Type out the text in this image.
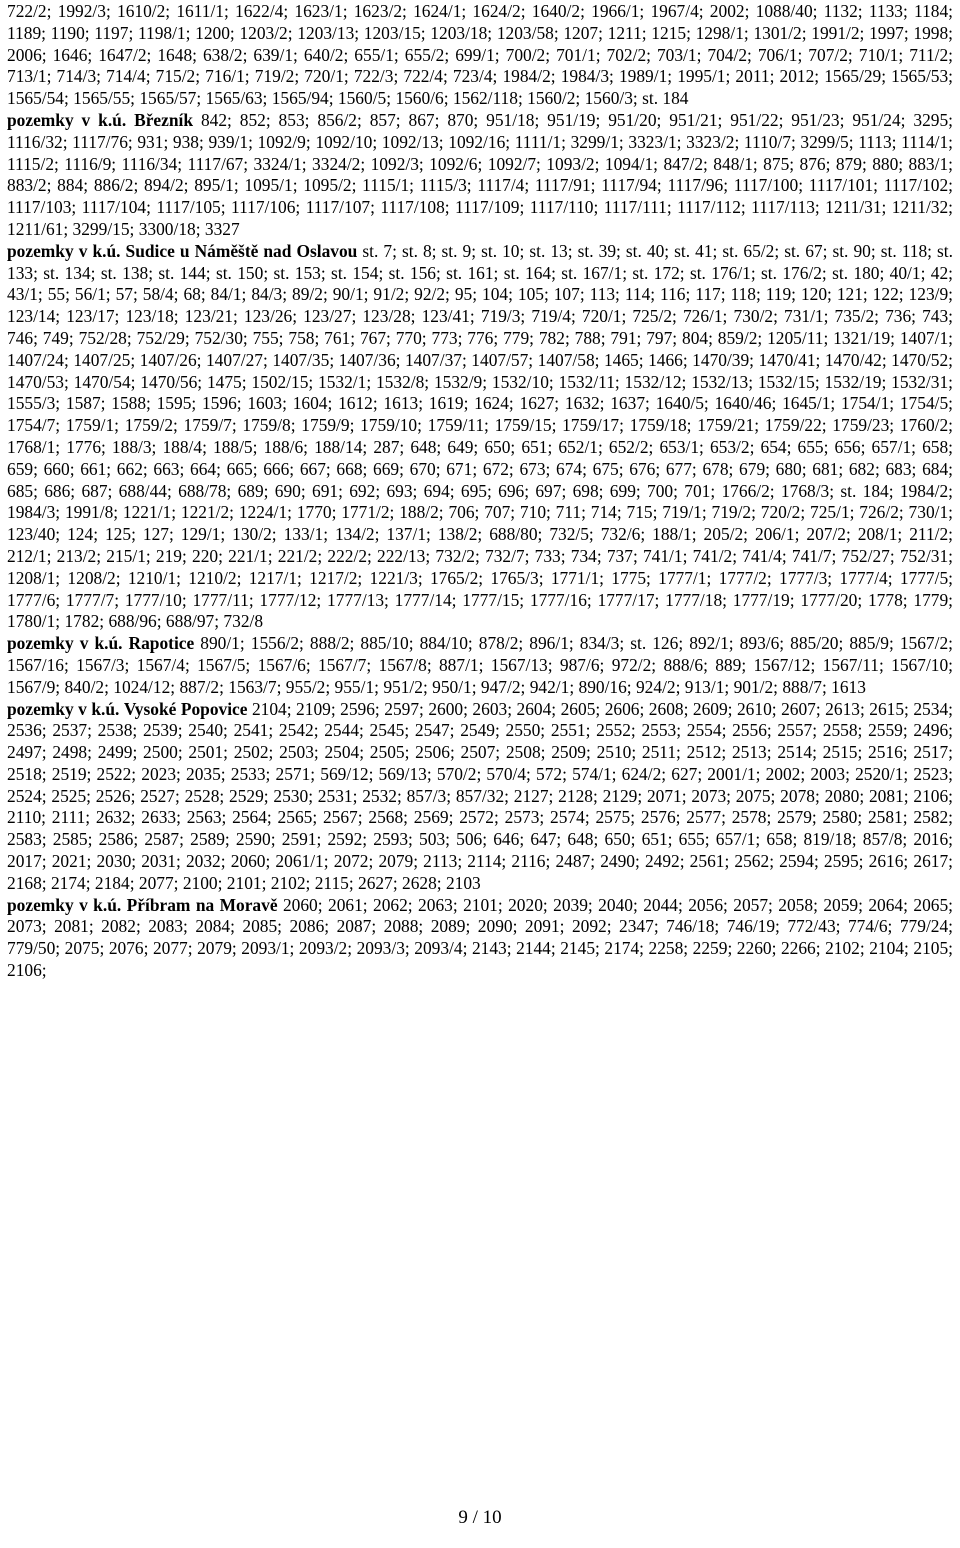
722/2; 1992/3; 1610/2; 1611/1; 1622/4; 1623/1; 1623/2; 1624/1; 1624/2; 1640/2; 1966/1; 1967/4; 2002; 1088/40; 1132; 1133; 1184; 1189; 1190; 1197; 1198/1; 1200; 1203/2; 1203/13; 1203/15; 1203/18; 1203/58; 1207; 1211; 1215; 1298/1; 1301/2; 1991/2; 1997; 1998; 2006; 1646; 1647/2; 1648; 638/2; 639/1; 640/2; 655/1; 655/2; 699/1; 700/2; 701/1; 702/2; 703/1; 704/2; 706/1; 707/2; 710/1; 711/2; 713/1; 714/3; 714/4; 715/2; 716/1; 719/2; 720/1; 722/3; 722/4; 723/4; 1984/2; 1984/3; 1989/1; 1995/1; 2011; 2012; 1565/29; 1565/53; 1565/54; 1565/55; 1565/57; 1565/63; 1565/94; 1560/5; 1560/6; 1562/118; 1560/2; 1560/3; st. 184

pozemky v k.ú. Březník 842; 852; 853; 856/2; 857; 867; 870; 951/18; 951/19; 951/20; 951/21; 951/22; 951/23; 951/24; 3295; 1116/32; 1117/76; 931; 938; 939/1; 1092/9; 1092/10; 1092/13; 1092/16; 1111/1; 3299/1; 3323/1; 3323/2; 1110/7; 3299/5; 1113; 1114/1; 1115/2; 1116/9; 1116/34; 1117/67; 3324/1; 3324/2; 1092/3; 1092/6; 1092/7; 1093/2; 1094/1; 847/2; 848/1; 875; 876; 879; 880; 883/1; 883/2; 884; 886/2; 894/2; 895/1; 1095/1; 1095/2; 1115/1; 1115/3; 1117/4; 1117/91; 1117/94; 1117/96; 1117/100; 1117/101; 1117/102; 1117/103; 1117/104; 1117/105; 1117/106; 1117/107; 1117/108; 1117/109; 1117/110; 1117/111; 1117/112; 1117/113; 1211/31; 1211/32; 1211/61; 3299/15; 3300/18; 3327

pozemky v k.ú. Sudice u Náměště nad Oslavou st. 7; st. 8; st. 9; st. 10; st. 13; st. 39; st. 40; st. 41; st. 65/2; st. 67; st. 90; st. 118; st. 133; st. 134; st. 138; st. 144; st. 150; st. 153; st. 154; st. 156; st. 161; st. 164; st. 167/1; st. 172; st. 176/1; st. 176/2; st. 180; 40/1; 42; 43/1; 55; 56/1; 57; 58/4; 68; 84/1; 84/3; 89/2; 90/1; 91/2; 92/2; 95; 104; 105; 107; 113; 114; 116; 117; 118; 119; 120; 121; 122; 123/9; 123/14; 123/17; 123/18; 123/21; 123/26; 123/27; 123/28; 123/41; 719/3; 719/4; 720/1; 725/2; 726/1; 730/2; 731/1; 735/2; 736; 743; 746; 749; 752/28; 752/29; 752/30; 755; 758; 761; 767; 770; 773; 776; 779; 782; 788; 791; 797; 804; 859/2; 1205/11; 1321/19; 1407/1; 1407/24; 1407/25; 1407/26; 1407/27; 1407/35; 1407/36; 1407/37; 1407/57; 1407/58; 1465; 1466; 1470/39; 1470/41; 1470/42; 1470/52; 1470/53; 1470/54; 1470/56; 1475; 1502/15; 1532/1; 1532/8; 1532/9; 1532/10; 1532/11; 1532/12; 1532/13; 1532/15; 1532/19; 1532/31; 1555/3; 1587; 1588; 1595; 1596; 1603; 1604; 1612; 1613; 1619; 1624; 1627; 1632; 1637; 1640/5; 1640/46; 1645/1; 1754/1; 1754/5; 1754/7; 1759/1; 1759/2; 1759/7; 1759/8; 1759/9; 1759/10; 1759/11; 1759/15; 1759/17; 1759/18; 1759/21; 1759/22; 1759/23; 1760/2; 1768/1; 1776; 188/3; 188/4; 188/5; 188/6; 188/14; 287; 648; 649; 650; 651; 652/1; 652/2; 653/1; 653/2; 654; 655; 656; 657/1; 658; 659; 660; 661; 662; 663; 664; 665; 666; 667; 668; 669; 670; 671; 672; 673; 674; 675; 676; 677; 678; 679; 680; 681; 682; 683; 684; 685; 686; 687; 688/44; 688/78; 689; 690; 691; 692; 693; 694; 695; 696; 697; 698; 699; 700; 701; 1766/2; 1768/3; st. 184; 1984/2; 1984/3; 1991/8; 1221/1; 1221/2; 1224/1; 1770; 1771/2; 188/2; 706; 707; 710; 711; 714; 715; 719/1; 719/2; 720/2; 725/1; 726/2; 730/1; 123/40; 124; 125; 127; 129/1; 130/2; 133/1; 134/2; 137/1; 138/2; 688/80; 732/5; 732/6; 188/1; 205/2; 206/1; 207/2; 208/1; 211/2; 212/1; 213/2; 215/1; 219; 220; 221/1; 221/2; 222/2; 222/13; 732/2; 732/7; 733; 734; 737; 741/1; 741/2; 741/4; 741/7; 752/27; 752/31; 1208/1; 1208/2; 1210/1; 1210/2; 1217/1; 1217/2; 1221/3; 1765/2; 1765/3; 1771/1; 1775; 1777/1; 1777/2; 1777/3; 1777/4; 1777/5; 1777/6; 1777/7; 1777/10; 1777/11; 1777/12; 1777/13; 1777/14; 1777/15; 1777/16; 1777/17; 1777/18; 1777/19; 1777/20; 1778; 1779; 1780/1; 1782; 688/96; 688/97; 732/8

pozemky v k.ú. Rapotice 890/1; 1556/2; 888/2; 885/10; 884/10; 878/2; 896/1; 834/3; st. 126; 892/1; 893/6; 885/20; 885/9; 1567/2; 1567/16; 1567/3; 1567/4; 1567/5; 1567/6; 1567/7; 1567/8; 887/1; 1567/13; 987/6; 972/2; 888/6; 889; 1567/12; 1567/11; 1567/10; 1567/9; 840/2; 1024/12; 887/2; 1563/7; 955/2; 955/1; 951/2; 950/1; 947/2; 942/1; 890/16; 924/2; 913/1; 901/2; 888/7; 1613

pozemky v k.ú. Vysoké Popovice 2104; 2109; 2596; 2597; 2600; 2603; 2604; 2605; 2606; 2608; 2609; 2610; 2607; 2613; 2615; 2534; 2536; 2537; 2538; 2539; 2540; 2541; 2542; 2544; 2545; 2547; 2549; 2550; 2551; 2552; 2553; 2554; 2556; 2557; 2558; 2559; 2496; 2497; 2498; 2499; 2500; 2501; 2502; 2503; 2504; 2505; 2506; 2507; 2508; 2509; 2510; 2511; 2512; 2513; 2514; 2515; 2516; 2517; 2518; 2519; 2522; 2023; 2035; 2533; 2571; 569/12; 569/13; 570/2; 570/4; 572; 574/1; 624/2; 627; 2001/1; 2002; 2003; 2520/1; 2523; 2524; 2525; 2526; 2527; 2528; 2529; 2530; 2531; 2532; 857/3; 857/32; 2127; 2128; 2129; 2071; 2073; 2075; 2078; 2080; 2081; 2106; 2110; 2111; 2632; 2633; 2563; 2564; 2565; 2567; 2568; 2569; 2572; 2573; 2574; 2575; 2576; 2577; 2578; 2579; 2580; 2581; 2582; 2583; 2585; 2586; 2587; 2589; 2590; 2591; 2592; 2593; 503; 506; 646; 647; 648; 650; 651; 655; 657/1; 658; 819/18; 857/8; 2016; 2017; 2021; 2030; 2031; 2032; 2060; 2061/1; 2072; 2079; 2113; 2114; 2116; 2487; 2490; 2492; 2561; 2562; 2594; 2595; 2616; 2617; 2168; 2174; 2184; 2077; 2100; 2101; 2102; 2115; 2627; 2628; 2103

pozemky v k.ú. Příbram na Moravě 2060; 2061; 2062; 2063; 2101; 2020; 2039; 2040; 2044; 2056; 2057; 2058; 2059; 2064; 2065; 2073; 2081; 2082; 2083; 2084; 2085; 2086; 2087; 2088; 2089; 2090; 2091; 2092; 2347; 746/18; 746/19; 772/43; 774/6; 779/24; 779/50; 2075; 2076; 2077; 2079; 2093/1; 2093/2; 2093/3; 2093/4; 2143; 2144; 2145; 2174; 2258; 2259; 2260; 2266; 2102; 2104; 2105; 2106;

9 / 10
